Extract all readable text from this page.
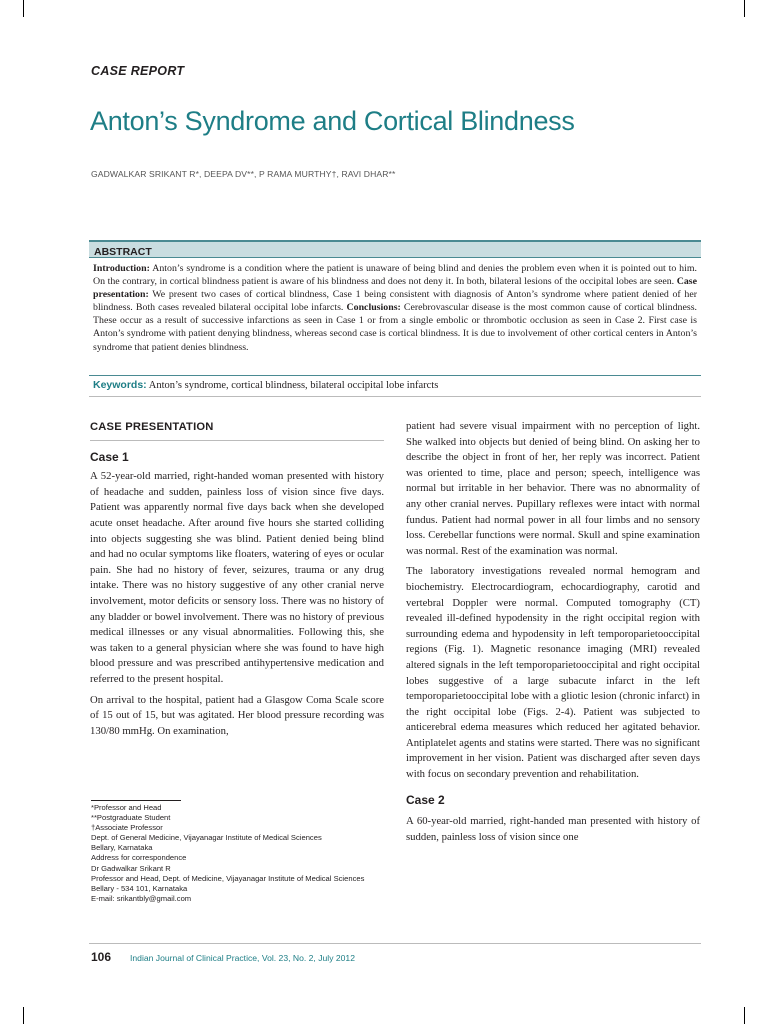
CASE REPORT
Anton’s Syndrome and Cortical Blindness
GADWALKAR SRIKANT R*, DEEPA DV**, P RAMA MURTHY†, RAVI DHAR**
ABSTRACT
Introduction: Anton’s syndrome is a condition where the patient is unaware of being blind and denies the problem even when it is pointed out to him. On the contrary, in cortical blindness patient is aware of his blindness and does not deny it. In both, bilateral lesions of the occipital lobes are seen. Case presentation: We present two cases of cortical blindness, Case 1 being consistent with diagnosis of Anton’s syndrome where patient denied of her blindness. Both cases revealed bilateral occipital lobe infarcts. Conclusions: Cerebrovascular disease is the most common cause of cortical blindness. These occur as a result of successive infarctions as seen in Case 1 or from a single embolic or thrombotic occlusion as seen in Case 2. First case is Anton’s syndrome with patient denying blindness, whereas second case is cortical blindness. It is due to involvement of other cortical centers in Anton’s syndrome that patient denies blindness.
Keywords: Anton’s syndrome, cortical blindness, bilateral occipital lobe infarcts
CASE PRESENTATION

Case 1

A 52-year-old married, right-handed woman presented with history of headache and sudden, painless loss of vision since five days. Patient was apparently normal five days back when she developed acute onset headache. After around five hours she started colliding into objects suggesting she was blind. Patient denied being blind and had no ocular symptoms like floaters, watering of eyes or ocular pain. She had no history of fever, seizures, trauma or any drug intake. There was no history suggestive of any other cranial nerve involvement, motor deficits or sensory loss. There was no history of any bladder or bowel involvement. There was no history of previous medical illnesses or any visual abnormalities. Following this, she was taken to a general physician where she was found to have high blood pressure and was prescribed antihypertensive medication and referred to the present hospital.

On arrival to the hospital, patient had a Glasgow Coma Scale score of 15 out of 15, but was agitated. Her blood pressure recording was 130/80 mmHg. On examination,

patient had severe visual impairment with no perception of light. She walked into objects but denied of being blind. On asking her to describe the object in front of her, her reply was incorrect. Patient was oriented to time, place and person; speech, intelligence was normal but irritable in her behavior. There was no abnormality of any other cranial nerves. Pupillary reflexes were intact with normal fundus. Patient had normal power in all four limbs and no sensory loss. Cerebellar functions were normal. Skull and spine examination was normal. Rest of the examination was normal.

The laboratory investigations revealed normal hemogram and biochemistry. Electrocardiogram, echocardiography, carotid and vertebral Doppler were normal. Computed tomography (CT) revealed ill-defined hypodensity in the right occipital region with surrounding edema and hypodensity in left temporoparietooccipital regions (Fig. 1). Magnetic resonance imaging (MRI) revealed altered signals in the left temporoparietooccipital and right occipital lobes suggestive of a large subacute infarct in the left temporoparietooccipital lobe with a gliotic lesion (chronic infarct) in the right occipital lobe (Figs. 2-4). Patient was subjected to anticerebral edema measures which reduced her agitated behavior. Antiplatelet agents and statins were started. There was no significant improvement in her vision. Patient was discharged after seven days with focus on secondary prevention and rehabilitation.

Case 2

A 60-year-old married, right-handed man presented with history of sudden, painless loss of vision since one

*Professor and Head
**Postgraduate Student
†Associate Professor
Dept. of General Medicine, Vijayanagar Institute of Medical Sciences
Bellary, Karnataka
Address for correspondence
Dr Gadwalkar Srikant R
Professor and Head, Dept. of Medicine, Vijayanagar Institute of Medical Sciences
Bellary - 534 101, Karnataka
E-mail: srikantbly@gmail.com
106 Indian Journal of Clinical Practice, Vol. 23, No. 2, July 2012
